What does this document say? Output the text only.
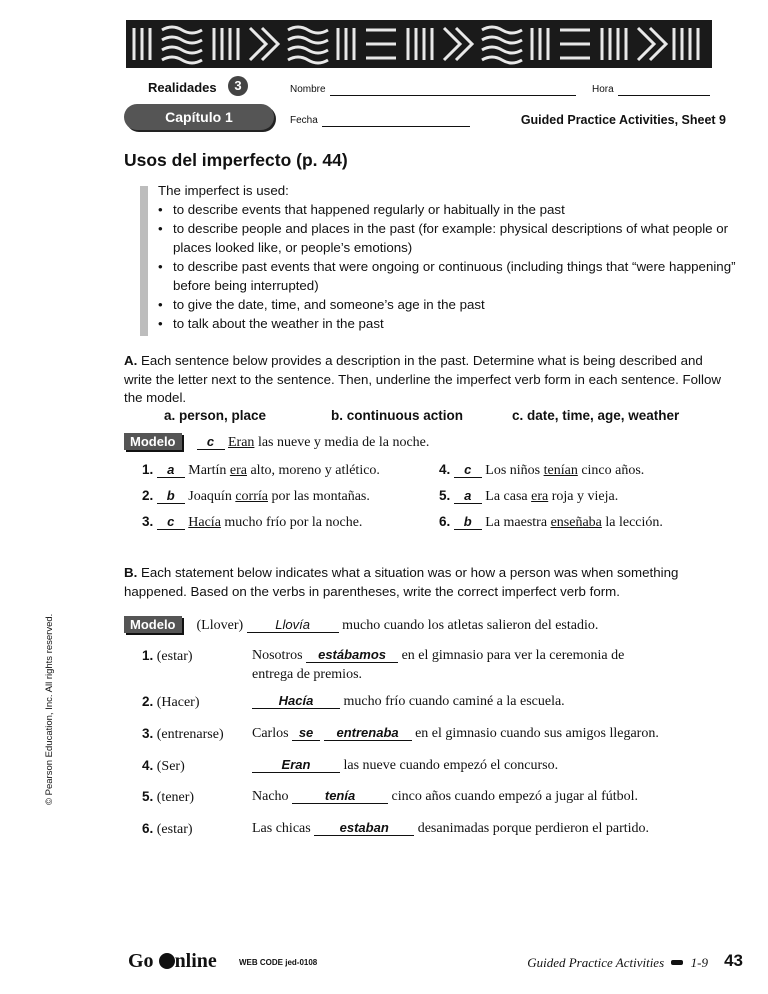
Realidades	3
Capítulo 1
Nombre	Hora
Fecha	Guided Practice Activities, Sheet 9
Usos del imperfecto (p. 44)
The imperfect is used:
• to describe events that happened regularly or habitually in the past
• to describe people and places in the past (for example: physical descriptions of what people or places looked like, or people’s emotions)
• to describe past events that were ongoing or continuous (including things that “were happening” before being interrupted)
• to give the date, time, and someone’s age in the past
• to talk about the weather in the past
A. Each sentence below provides a description in the past. Determine what is being described and write the letter next to the sentence. Then, underline the imperfect verb form in each sentence. Follow the model.
a. person, place	b. continuous action	c. date, time, age, weather
Modelo c Eran las nueve y media de la noche.
1. a Martín era alto, moreno y atlético.
2. b Joaquín corría por las montañas.
3. c Hacía mucho frío por la noche.
4. c Los niños tenían cinco años.
5. a La casa era roja y vieja.
6. b La maestra enseñaba la lección.
B. Each statement below indicates what a situation was or how a person was when something happened. Based on the verbs in parentheses, write the correct imperfect verb form.
Modelo (Llover) Llovía mucho cuando los atletas salieron del estadio.
1. (estar)	Nosotros estábamos en el gimnasio para ver la ceremonia de
entrega de premios.
2. (Hacer)	Hacía mucho frío cuando caminé a la escuela.
3. (entrenarse) Carlos se entrenaba en el gimnasio cuando sus amigos llegaron.
4. (Ser)	Eran las nueve cuando empezó el concurso.
5. (tener)	Nacho	tenía cinco años cuando empezó a jugar al fútbol.
6. (estar)	Las chicas estaban desanimadas porque perdieron el partido.
© Pearson Education, Inc. All rights reserved.
Go nline	WEB CODE jed-0108	Guided Practice Activities 1-9 43
